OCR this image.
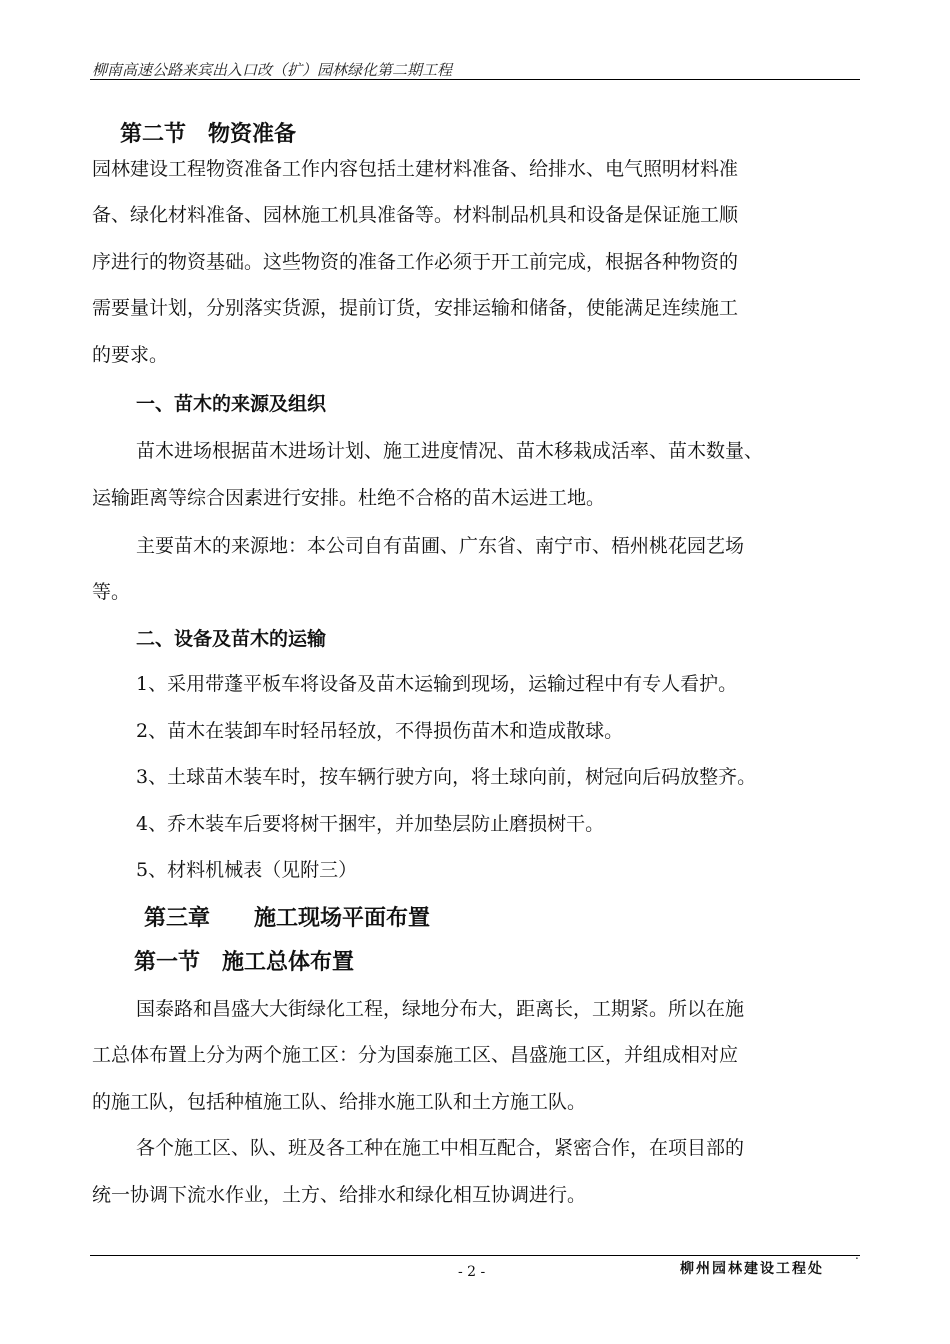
柳南高速公路来宾出入口改（扩）园林绿化第二期工程
第二节　物资准备
园林建设工程物资准备工作内容包括土建材料准备、给排水、电气照明材料准
备、绿化材料准备、园林施工机具准备等。材料制品机具和设备是保证施工顺
序进行的物资基础。这些物资的准备工作必须于开工前完成，根据各种物资的
需要量计划，分别落实货源，提前订货，安排运输和储备，使能满足连续施工
的要求。
一、苗木的来源及组织
苗木进场根据苗木进场计划、施工进度情况、苗木移栽成活率、苗木数量、
运输距离等综合因素进行安排。杜绝不合格的苗木运进工地。
主要苗木的来源地：本公司自有苗圃、广东省、南宁市、梧州桃花园艺场
等。
二、设备及苗木的运输
1、采用带蓬平板车将设备及苗木运输到现场，运输过程中有专人看护。
2、苗木在装卸车时轻吊轻放，不得损伤苗木和造成散球。
3、土球苗木装车时，按车辆行驶方向，将土球向前，树冠向后码放整齐。
4、乔木装车后要将树干捆牢，并加垫层防止磨损树干。
5、材料机械表（见附三）
第三章　　施工现场平面布置
第一节　施工总体布置
国泰路和昌盛大大街绿化工程，绿地分布大，距离长，工期紧。所以在施
工总体布置上分为两个施工区：分为国泰施工区、昌盛施工区，并组成相对应
的施工队，包括种植施工队、给排水施工队和土方施工队。
各个施工区、队、班及各工种在施工中相互配合，紧密合作，在项目部的
统一协调下流水作业，土方、给排水和绿化相互协调进行。
- 2 -	柳州园林建设工程处
.
